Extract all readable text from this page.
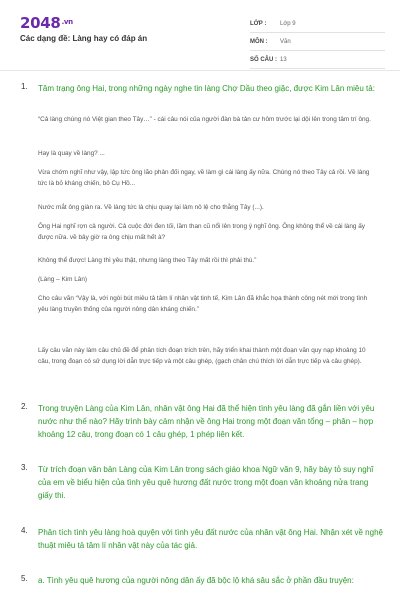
$2048^{.vn}$
Các dạng đề: Làng hay có đáp án
LỚP :	Lớp 9
MÔN :	Văn
SỐ CÂU : 13
1. Tâm trạng ông Hai, trong những ngày nghe tin làng Chợ Dầu theo giặc, được Kim Lân miêu tả:
“Cả làng chúng nó Việt gian theo Tây…” - cái câu nói của người đàn bà tản cư hôm trước lại dội lên trong tâm trí ông.
Hay là quay về làng? ...
Vừa chớm nghĩ như vậy, lập tức ông lão phản đối ngay, về làm gì cái làng ấy nữa. Chúng nó theo Tây cả rồi. Về làng tức là bỏ kháng chiến, bỏ Cụ Hồ...
Nước mắt ông giàn ra. Về làng tức là chịu quay lại làm nô lệ cho thằng Tây (...).
Ông Hai nghĩ rợn cả người. Cả cuộc đời đen tối, lầm than cũ nổi lên trong ý nghĩ ông. Ông không thể về cái làng ấy được nữa. về bây giờ ra ông chịu mất hết à?
Không thể được! Làng thì yêu thật, nhưng làng theo Tây mất rồi thì phải thù.”
(Làng – Kim Lân)
Cho câu văn “Vậy là, với ngòi bút miêu tả tâm lí nhân vật tinh tế, Kim Lân đã khắc họa thành công nét mới trong tình yêu làng truyền thống của người nông dân kháng chiến.”
Lấy câu văn này làm câu chủ đề để phân tích đoạn trích trên, hãy triển khai thành một đoạn văn quy nạp khoảng 10 câu, trong đoạn có sử dụng lời dẫn trực tiếp và một câu ghép, (gạch chân chú thích lời dẫn trực tiếp và câu ghép).
2. Trong truyện Làng của Kim Lân, nhân vật ông Hai đã thể hiện tình yêu làng đã gắn liền với yêu nước như thế nào? Hãy trình bày cảm nhận về ông Hai trong một đoạn văn tổng – phân – hợp khoảng 12 câu, trong đoạn có 1 câu ghép, 1 phép liên kết.
3. Từ trích đoạn văn bản Làng của Kim Lân trong sách giáo khoa Ngữ văn 9, hãy bày tỏ suy nghĩ của em về biểu hiện của tình yêu quê hương đất nước trong một đoạn văn khoảng nửa trang giấy thi.
4. Phân tích tình yêu làng hoà quyện với tình yêu đất nước của nhân vật ông Hai. Nhận xét về nghệ thuật miêu tả tâm lí nhân vật này của tác giả.
5. a. Tình yêu quê hương của người nông dân ấy đã bộc lộ khá sâu sắc ở phần đầu truyện:
